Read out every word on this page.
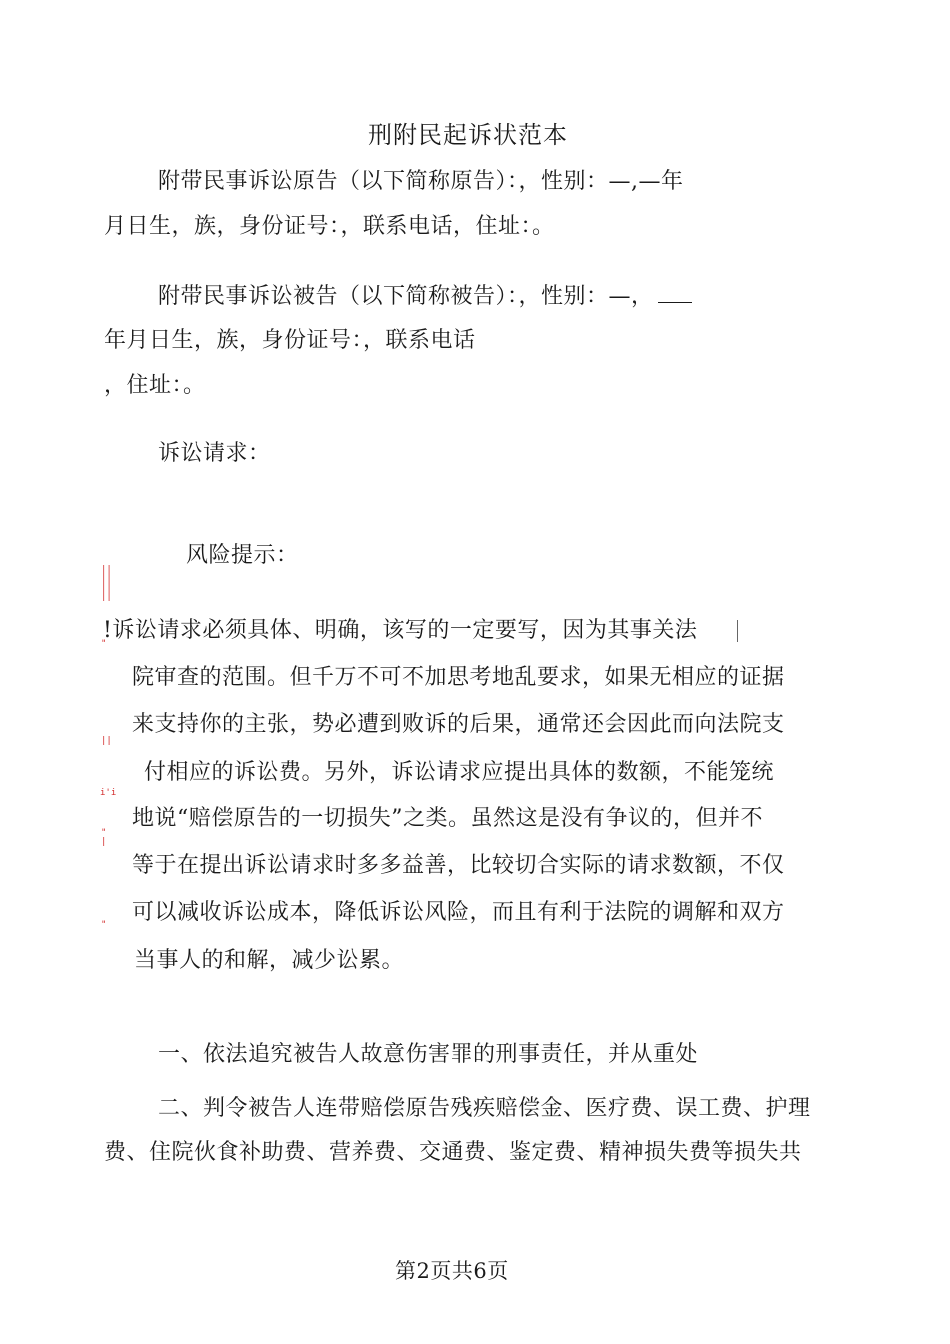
刑附民起诉状范本
附带民事诉讼原告（以下简称原告）：，性别：—,—年
月日生，族，身份证号：，联系电话，住址：。
附带民事诉讼被告（以下简称被告）：，性别：—，
年月日生，族，身份证号：，联系电话
，住址：。
诉讼请求：
风险提示：
||
||
||
||
"
||
i'i
"
|
"
!诉讼请求必须具体、明确，该写的一定要写，因为其事关法
院审查的范围。但千万不可不加思考地乱要求，如果无相应的证据
来支持你的主张，势必遭到败诉的后果，通常还会因此而向法院支
付相应的诉讼费。另外，诉讼请求应提出具体的数额，不能笼统
地说“赔偿原告的一切损失”之类。虽然这是没有争议的，但并不
等于在提出诉讼请求时多多益善，比较切合实际的请求数额，不仅
可以减收诉讼成本，降低诉讼风险，而且有利于法院的调解和双方
当事人的和解，减少讼累。
一、依法追究被告人故意伤害罪的刑事责任，并从重处
二、判令被告人连带赔偿原告残疾赔偿金、医疗费、误工费、护理
费、住院伙食补助费、营养费、交通费、鉴定费、精神损失费等损失共
第2页共6页
